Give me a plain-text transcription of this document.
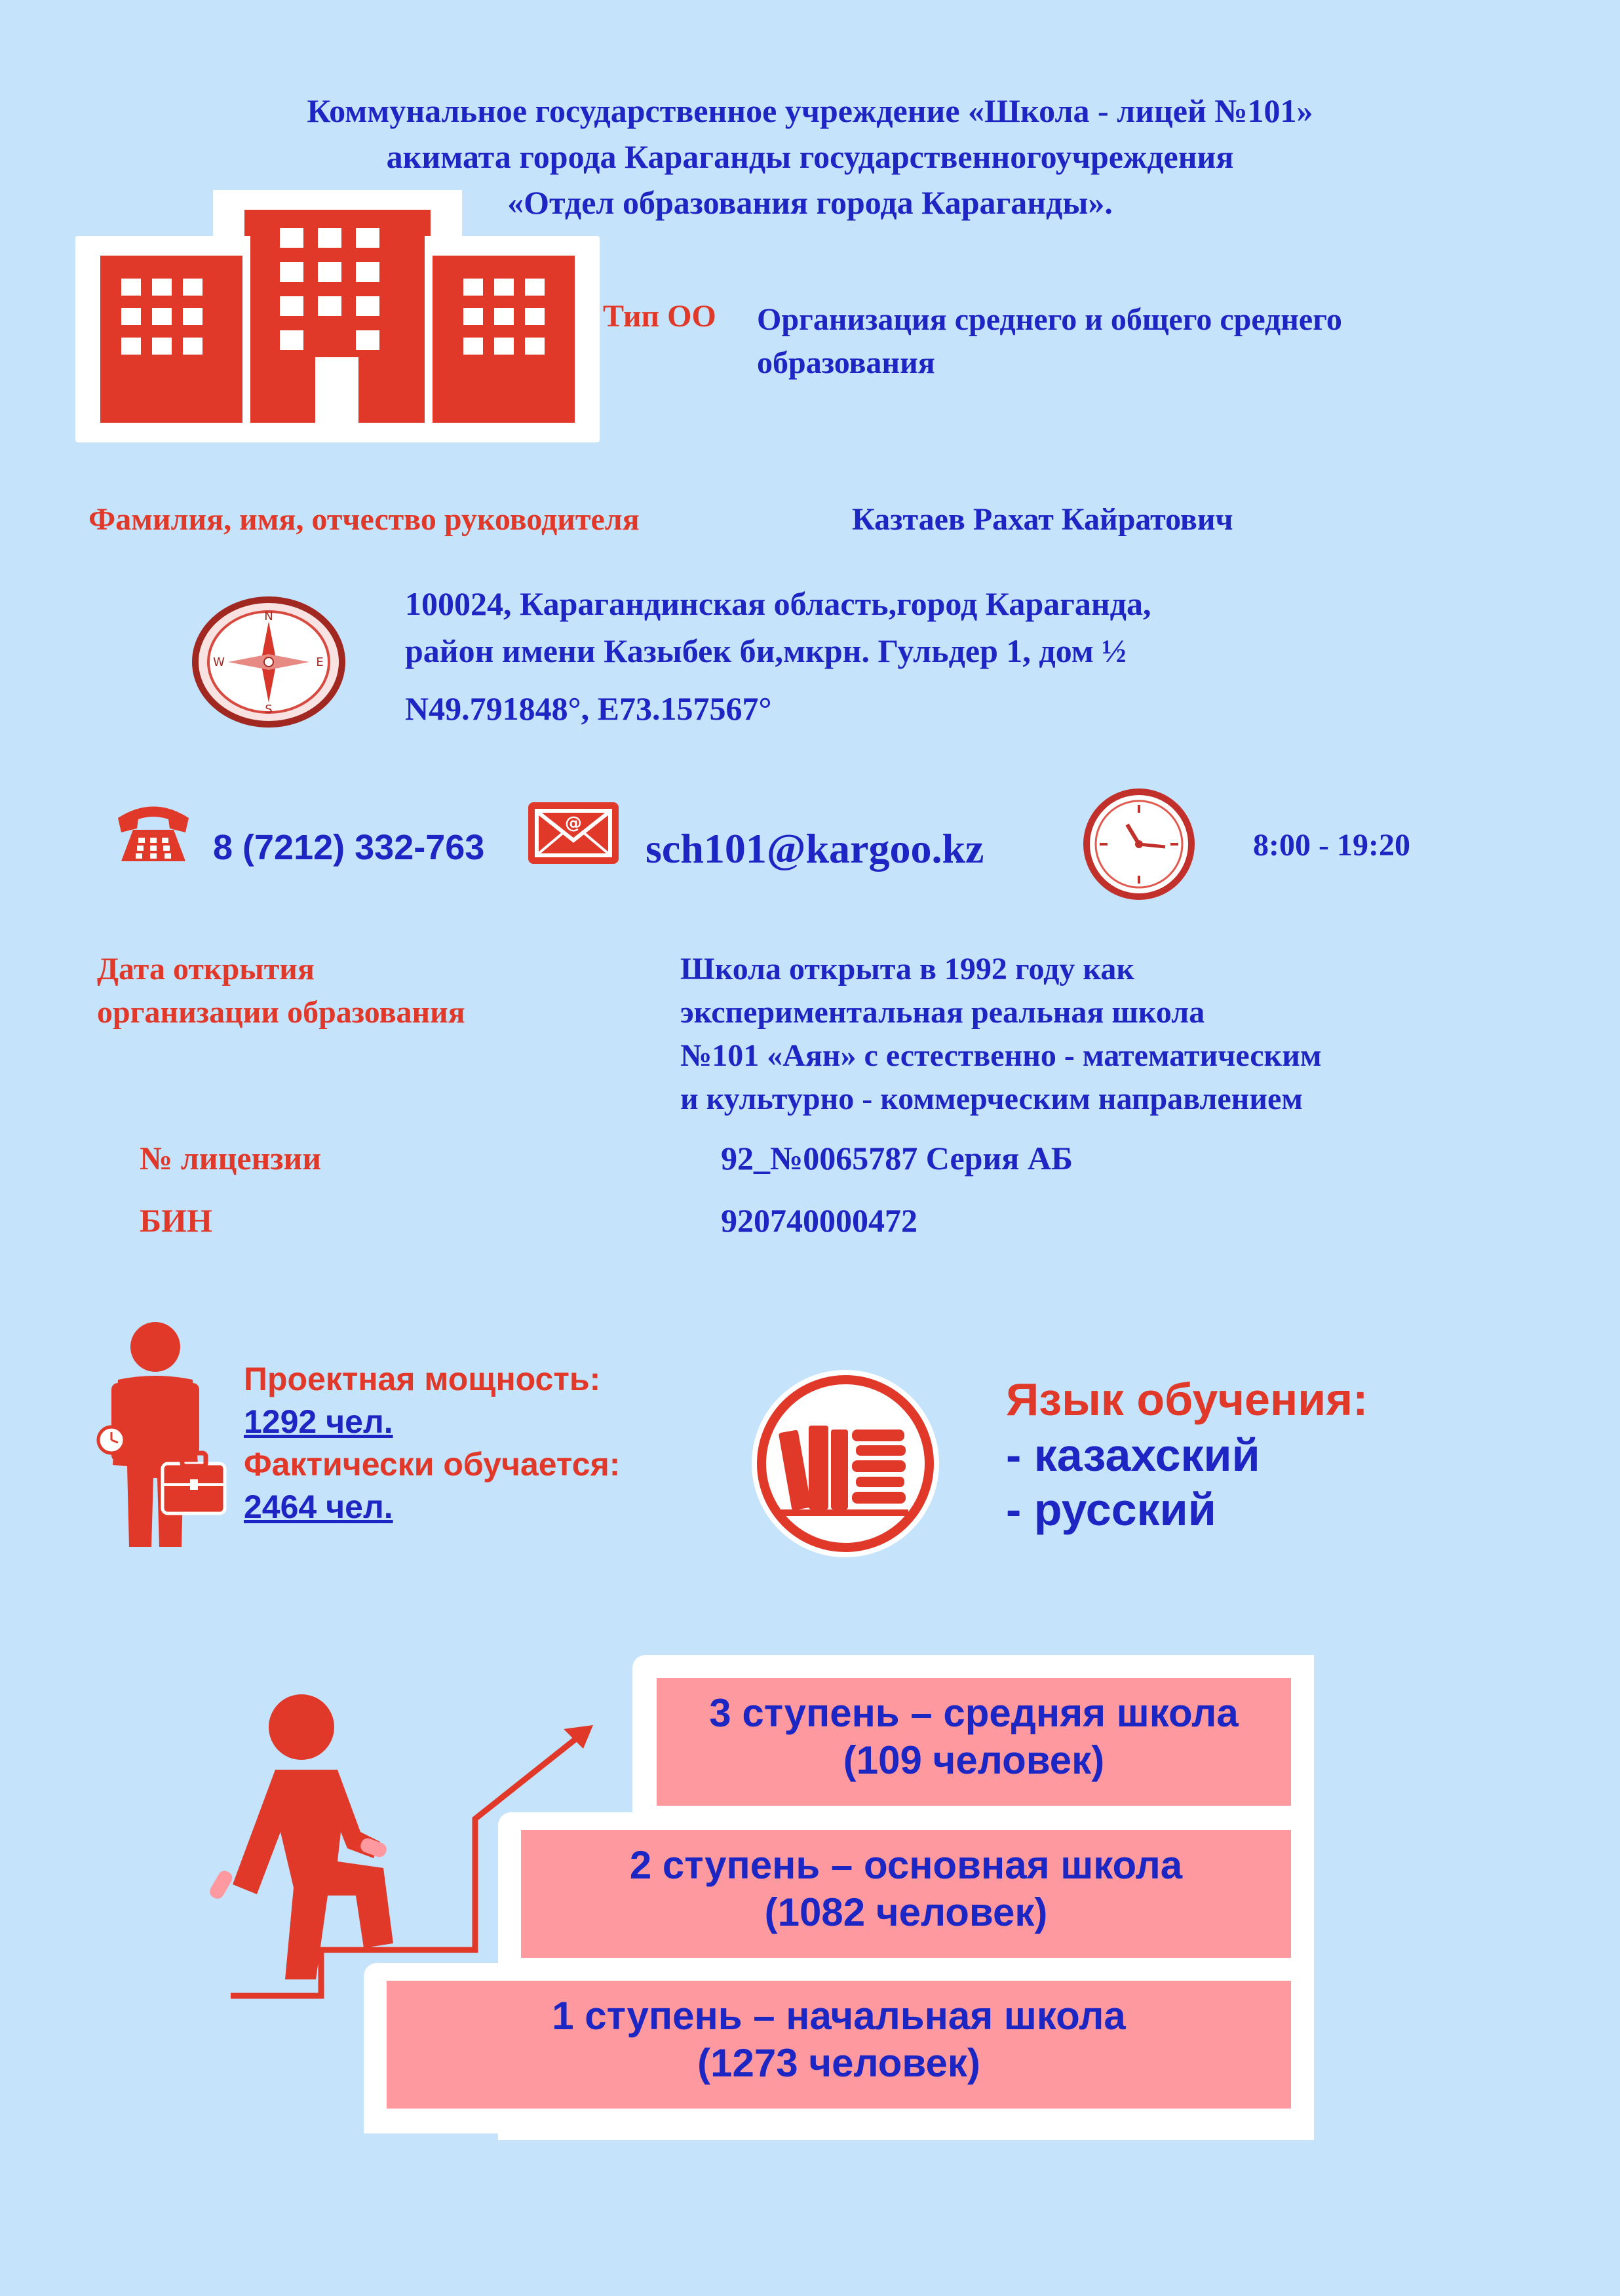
Коммунальное государственное учреждение «Школа - лицей №101»
акимата города Караганды государственногоучреждения
«Отдел образования города Караганды».
Тип ОО Организация среднего и общего среднего
образования
Фамилия, имя, отчество руководителя	Казтаев Рахат Кайратович
N
S
E
W
100024, Карагандинская область,город Караганда,
район имени Казыбек би,мкрн. Гульдер 1, дом ½
N49.791848°, E73.157567°
8 (7212) 332-763
@
sch101@kargoo.kz	8:00 - 19:20
Дата открытия
организации образования
Школа открыта в 1992 году как
экспериментальная реальная школа
№101 «Аян» с естественно - математическим
и культурно - коммерческим направлением
№ лицензии	92_№0065787 Серия АБ
БИН	920740000472
Проектная мощность:
1292 чел.
Фактически обучается:
2464 чел.
Язык обучения:
- казахский
- русский
3 ступень – средняя школа
(109 человек)
2 ступень – основная школа
(1082 человек)
1 ступень – начальная школа
(1273 человек)
